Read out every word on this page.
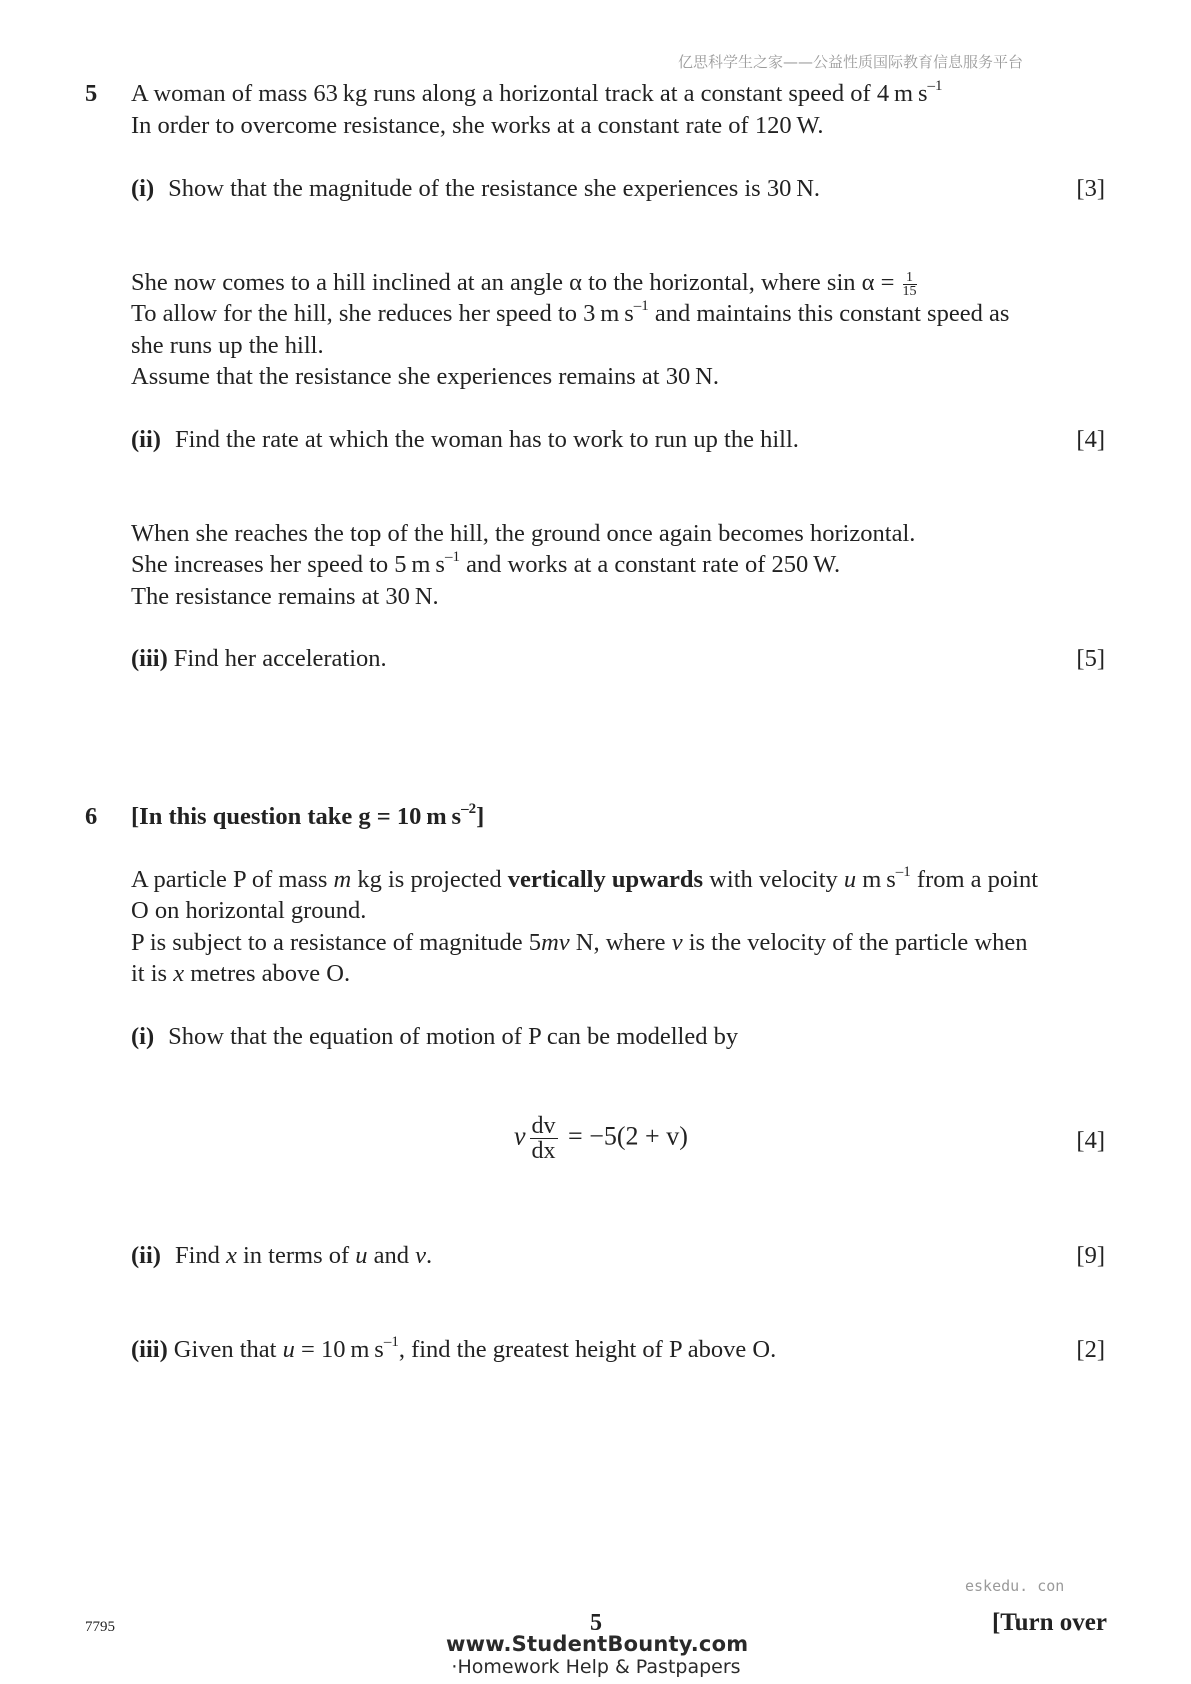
亿思科学生之家——公益性质国际教育信息服务平台
5 A woman of mass 63 kg runs along a horizontal track at a constant speed of 4 m $s^{-1}$
In order to overcome resistance, she works at a constant rate of 120 W.
(i) Show that the magnitude of the resistance she experiences is 30 N.	[3]
She now comes to a hill inclined at an angle α to the horizontal, where $\sin \alpha = \frac{1}{15}$
To allow for the hill, she reduces her speed to 3 m $s^{-1}$ and maintains this constant speed as
she runs up the hill.
Assume that the resistance she experiences remains at 30 N.
(ii) Find the rate at which the woman has to work to run up the hill.	[4]
When she reaches the top of the hill, the ground once again becomes horizontal.
She increases her speed to 5 m $s^{-1}$ and works at a constant rate of 250 W.
The resistance remains at 30 N.
(iii) Find her acceleration.	[5]
6 [In this question take g = 10 m $s^{-2}$]
A particle P of mass m kg is projected vertically upwards with velocity u m $s^{-1}$ from a point
O on horizontal ground.
P is subject to a resistance of magnitude 5mv N, where v is the velocity of the particle when
it is x metres above O.
(i) Show that the equation of motion of P can be modelled by
v $\frac{dv}{dx} = -5(2 + v)$	[4]
(ii) Find x in terms of u and v.	[9]
(iii) Given that u = 10 m $s^{-1}$, find the greatest height of P above O.	[2]
eskedu. con
7795	5	[Turn over
www.StudentBounty.com
·Homework Help & Pastpapers
